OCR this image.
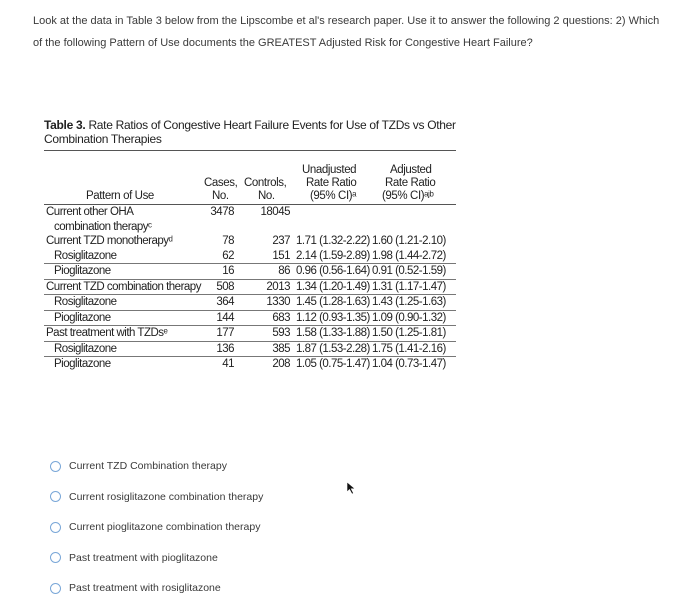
Look at the data in Table 3 below from the Lipscombe et al's research paper. Use it to answer the following 2 questions: 2) Which of the following Pattern of Use documents the GREATEST Adjusted Risk for Congestive Heart Failure?
Table 3. Rate Ratios of Congestive Heart Failure Events for Use of TZDs vs Other Combination Therapies
Cases,
No.
Controls,
No.
Unadjusted
Rate Ratio
(95% CI)ᵃ
Adjusted
Rate Ratio
(95% CI)ᵃʲᵇ
Pattern of Use
Current other OHA	3478 18045
combination therapyᶜ
Current TZD monotherapyᵈ	78	237 1.71 (1.32-2.22) 1.60 (1.21-2.10)
Rosiglitazone	62	151 2.14 (1.59-2.89) 1.98 (1.44-2.72)
Pioglitazone	16	86 0.96 (0.56-1.64) 0.91 (0.52-1.59)
Current TZD combination therapy 508	2013 1.34 (1.20-1.49) 1.31 (1.17-1.47)
Rosiglitazone	364	1330 1.45 (1.28-1.63) 1.43 (1.25-1.63)
Pioglitazone	144	683 1.12 (0.93-1.35) 1.09 (0.90-1.32)
Past treatment with TZDsᵉ	177	593 1.58 (1.33-1.88) 1.50 (1.25-1.81)
Rosiglitazone	136	385 1.87 (1.53-2.28) 1.75 (1.41-2.16)
Pioglitazone	41	208 1.05 (0.75-1.47) 1.04 (0.73-1.47)
Current TZD Combination therapy
Current rosiglitazone combination therapy
Current pioglitazone combination therapy
Past treatment with pioglitazone
Past treatment with rosiglitazone
